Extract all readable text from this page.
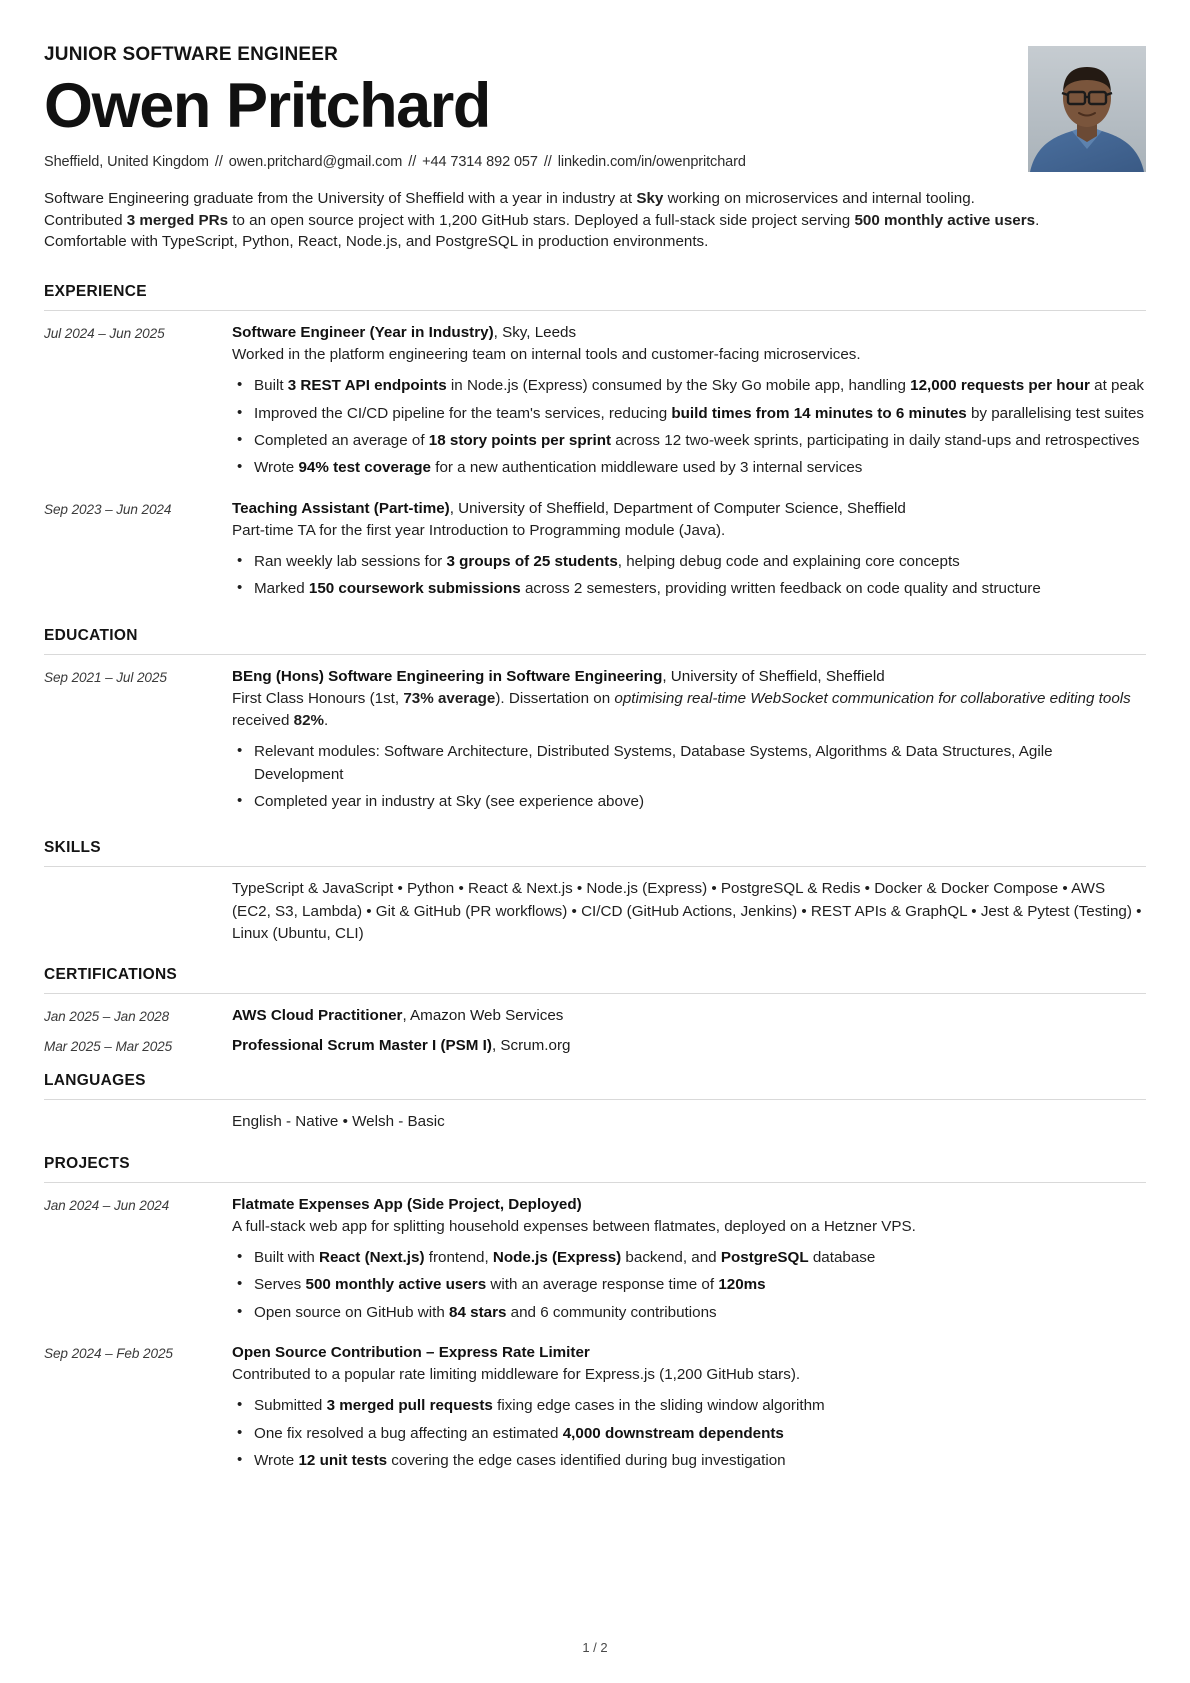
JUNIOR SOFTWARE ENGINEER
Owen Pritchard
Sheffield, United Kingdom // owen.pritchard@gmail.com // +44 7314 892 057 // linkedin.com/in/owenpritchard
Software Engineering graduate from the University of Sheffield with a year in industry at Sky working on microservices and internal tooling. Contributed 3 merged PRs to an open source project with 1,200 GitHub stars. Deployed a full-stack side project serving 500 monthly active users. Comfortable with TypeScript, Python, React, Node.js, and PostgreSQL in production environments.
EXPERIENCE
Jul 2024 – Jun 2025	Software Engineer (Year in Industry), Sky, Leeds
Worked in the platform engineering team on internal tools and customer-facing microservices.
• Built 3 REST API endpoints in Node.js (Express) consumed by the Sky Go mobile app, handling 12,000 requests per hour at peak
• Improved the CI/CD pipeline for the team's services, reducing build times from 14 minutes to 6 minutes by parallelising test suites
• Completed an average of 18 story points per sprint across 12 two-week sprints, participating in daily stand-ups and retrospectives
• Wrote 94% test coverage for a new authentication middleware used by 3 internal services
Sep 2023 – Jun 2024	Teaching Assistant (Part-time), University of Sheffield, Department of Computer Science, Sheffield
Part-time TA for the first year Introduction to Programming module (Java).
• Ran weekly lab sessions for 3 groups of 25 students, helping debug code and explaining core concepts
• Marked 150 coursework submissions across 2 semesters, providing written feedback on code quality and structure
EDUCATION
Sep 2021 – Jul 2025	BEng (Hons) Software Engineering in Software Engineering, University of Sheffield, Sheffield
First Class Honours (1st, 73% average). Dissertation on optimising real-time WebSocket communication for collaborative editing tools received 82%.
• Relevant modules: Software Architecture, Distributed Systems, Database Systems, Algorithms & Data Structures, Agile Development
• Completed year in industry at Sky (see experience above)
SKILLS
TypeScript & JavaScript • Python • React & Next.js • Node.js (Express) • PostgreSQL & Redis • Docker & Docker Compose • AWS (EC2, S3, Lambda) • Git & GitHub (PR workflows) • CI/CD (GitHub Actions, Jenkins) • REST APIs & GraphQL • Jest & Pytest (Testing) • Linux (Ubuntu, CLI)
CERTIFICATIONS
Jan 2025 – Jan 2028	AWS Cloud Practitioner, Amazon Web Services
Mar 2025 – Mar 2025	Professional Scrum Master I (PSM I), Scrum.org
LANGUAGES
English - Native • Welsh - Basic
PROJECTS
Jan 2024 – Jun 2024	Flatmate Expenses App (Side Project, Deployed)
A full-stack web app for splitting household expenses between flatmates, deployed on a Hetzner VPS.
• Built with React (Next.js) frontend, Node.js (Express) backend, and PostgreSQL database
• Serves 500 monthly active users with an average response time of 120ms
• Open source on GitHub with 84 stars and 6 community contributions
Sep 2024 – Feb 2025	Open Source Contribution – Express Rate Limiter
Contributed to a popular rate limiting middleware for Express.js (1,200 GitHub stars).
• Submitted 3 merged pull requests fixing edge cases in the sliding window algorithm
• One fix resolved a bug affecting an estimated 4,000 downstream dependents
• Wrote 12 unit tests covering the edge cases identified during bug investigation
1 / 2
